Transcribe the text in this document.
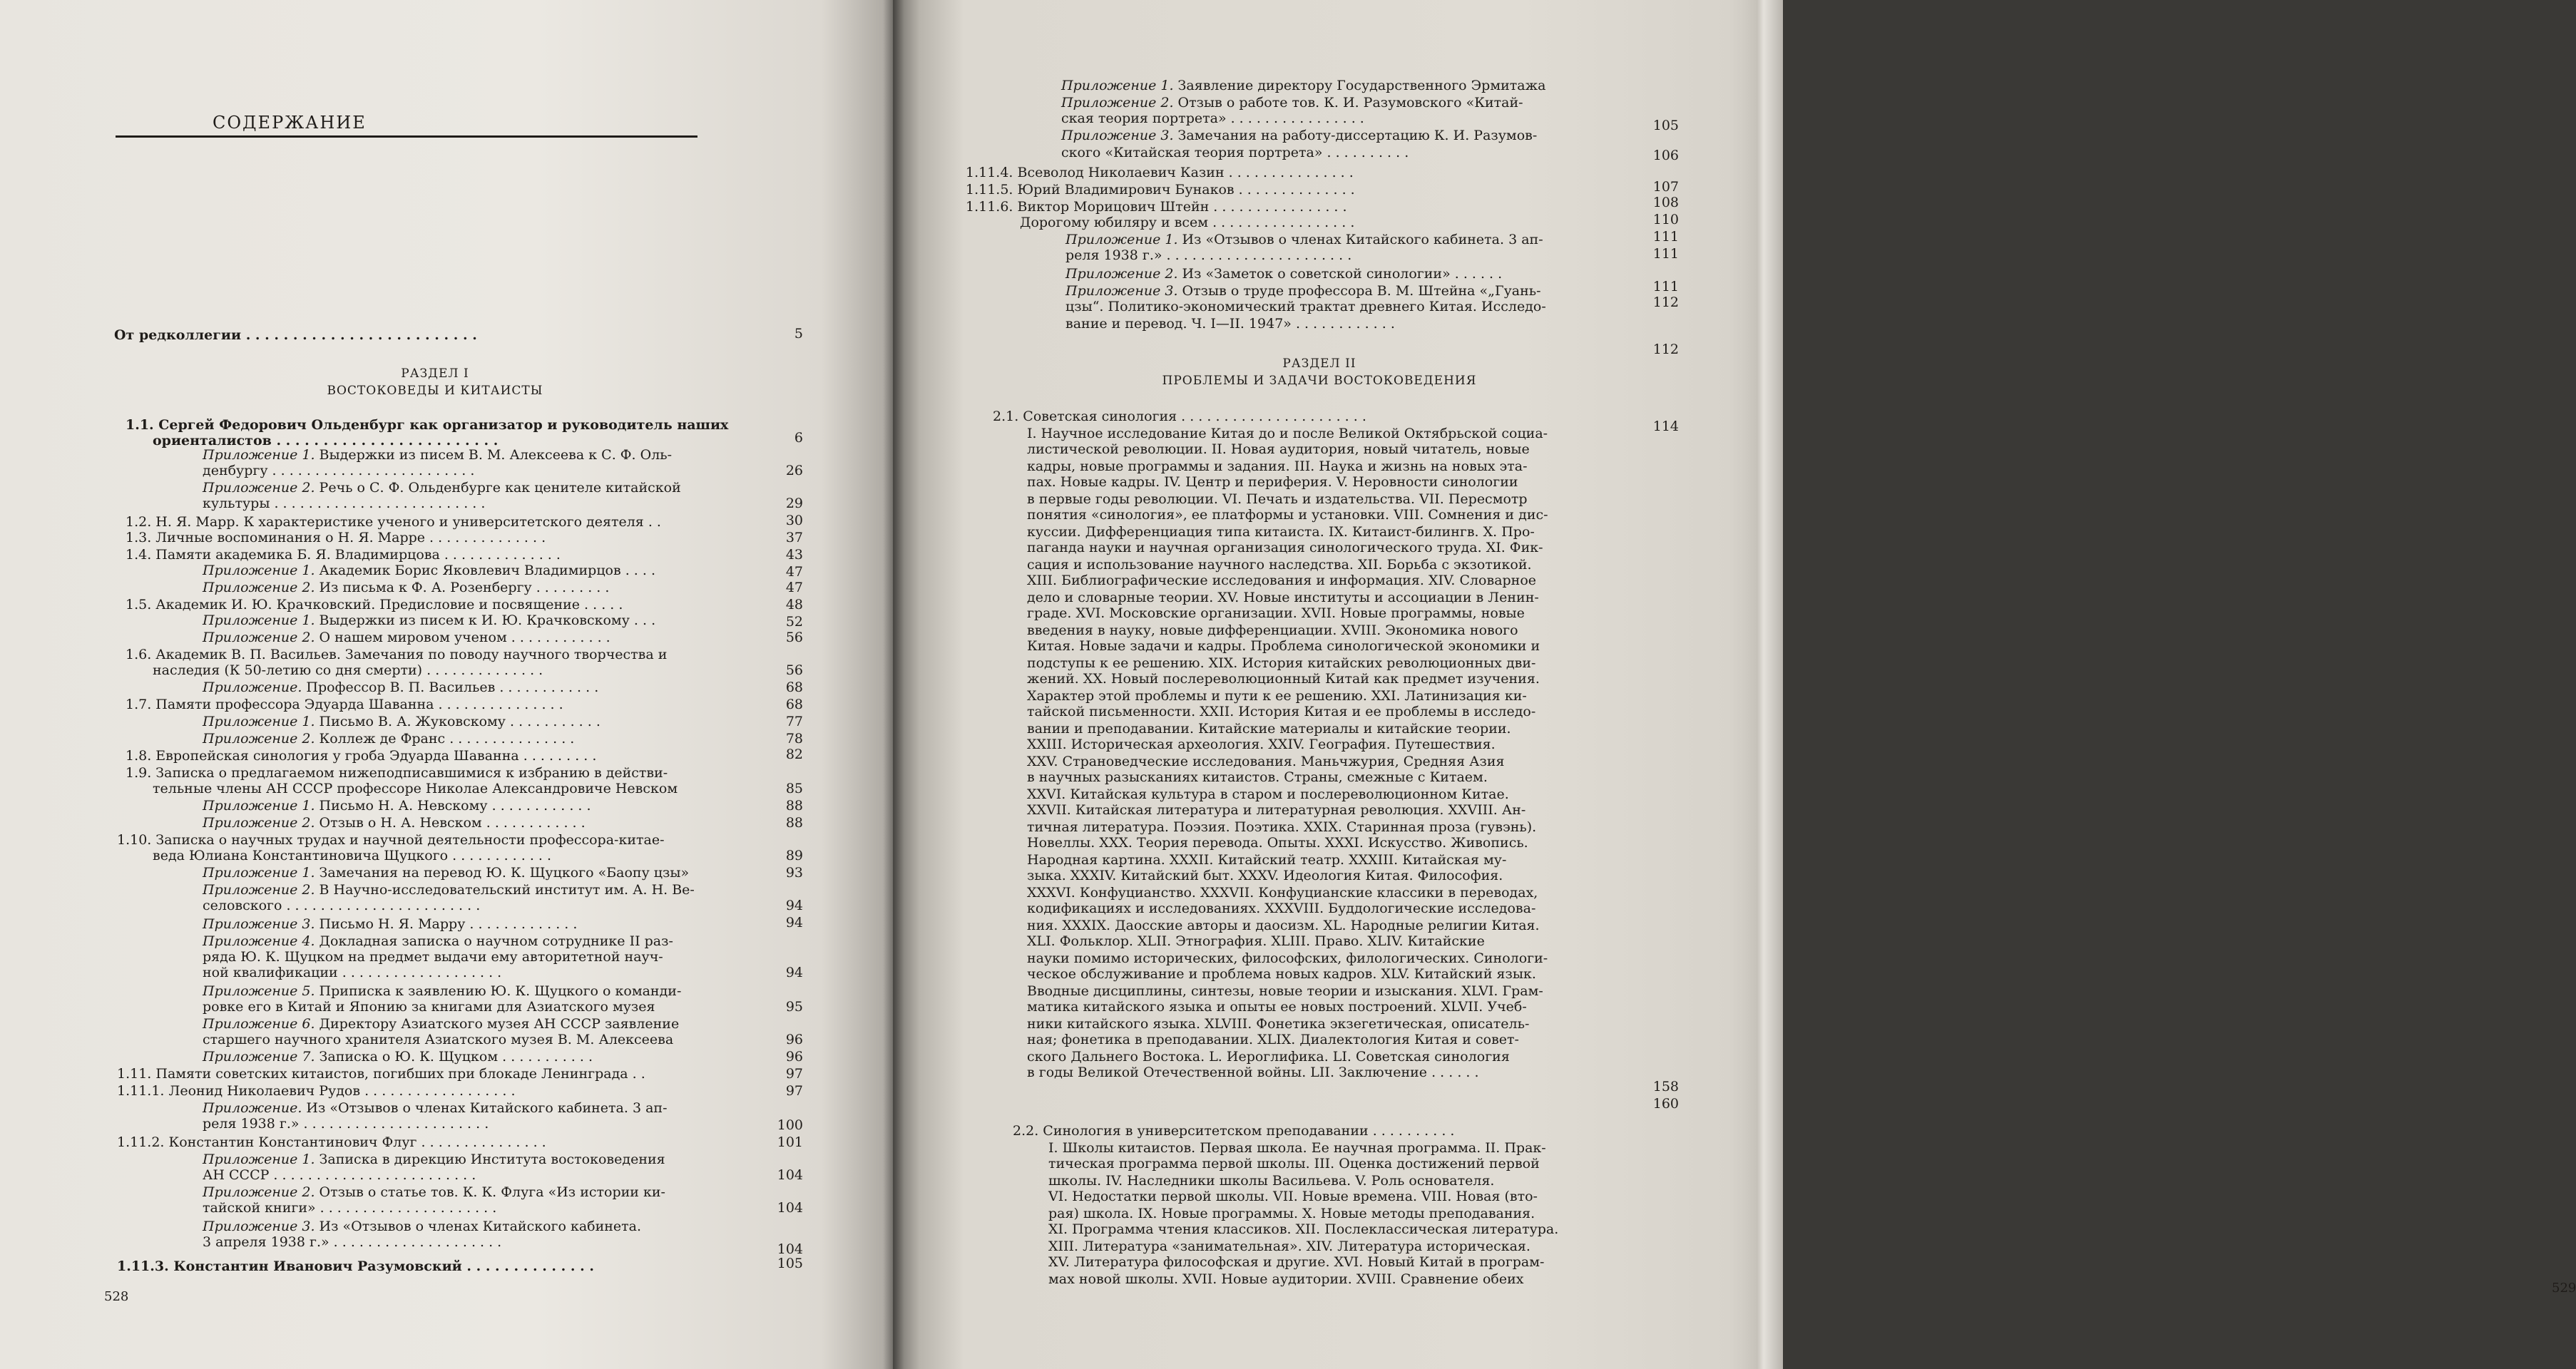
СОДЕРЖАНИЕ
РАЗДЕЛ I
ВОСТОКОВЕДЫ И КИТАИСТЫ
От редколлегии . . . . . . . . . . . . . . . . . . . . . . . . .
1.1. Сергей Федорович Ольденбург как организатор и руководитель наших
ориенталистов . . . . . . . . . . . . . . . . . . . . . . . .
Приложение 1. Выдержки из писем В. М. Алексеева к С. Ф. Оль-
денбургу . . . . . . . . . . . . . . . . . . . . . . . .
Приложение 2. Речь о С. Ф. Ольденбурге как ценителе китайской
культуры . . . . . . . . . . . . . . . . . . . . . . . . .
1.2. Н. Я. Марр. К характеристике ученого и университетского деятеля . .
1.3. Личные воспоминания о Н. Я. Марре . . . . . . . . . . . . . .
1.4. Памяти академика Б. Я. Владимирцова . . . . . . . . . . . . . .
Приложение 1. Академик Борис Яковлевич Владимирцов . . . .
Приложение 2. Из письма к Ф. А. Розенбергу . . . . . . . . .
1.5. Академик И. Ю. Крачковский. Предисловие и посвящение . . . . .
Приложение 1. Выдержки из писем к И. Ю. Крачковскому . . .
Приложение 2. О нашем мировом ученом . . . . . . . . . . . .
1.6. Академик В. П. Васильев. Замечания по поводу научного творчества и
наследия (К 50-летию со дня смерти) . . . . . . . . . . . . . .
Приложение. Профессор В. П. Васильев . . . . . . . . . . . .
1.7. Памяти профессора Эдуарда Шаванна . . . . . . . . . . . . . . .
Приложение 1. Письмо В. А. Жуковскому . . . . . . . . . . .
Приложение 2. Коллеж де Франс . . . . . . . . . . . . . . .
1.8. Европейская синология у гроба Эдуарда Шаванна . . . . . . . . .
1.9. Записка о предлагаемом нижеподписавшимися к избранию в действи-
тельные члены АН СССР профессоре Николае Александровиче Невском
Приложение 1. Письмо Н. А. Невскому . . . . . . . . . . . .
Приложение 2. Отзыв о Н. А. Невском . . . . . . . . . . . .
1.10. Записка о научных трудах и научной деятельности профессора-китае-
веда Юлиана Константиновича Щуцкого . . . . . . . . . . . .
Приложение 1. Замечания на перевод Ю. К. Щуцкого «Баопу цзы»
Приложение 2. В Научно-исследовательский институт им. А. Н. Ве-
селовского . . . . . . . . . . . . . . . . . . . . . . .
Приложение 3. Письмо Н. Я. Марру . . . . . . . . . . . . .
Приложение 4. Докладная записка о научном сотруднике II раз-
ряда Ю. К. Щуцком на предмет выдачи ему авторитетной науч-
ной квалификации . . . . . . . . . . . . . . . . . . .
Приложение 5. Приписка к заявлению Ю. К. Щуцкого о команди-
ровке его в Китай и Японию за книгами для Азиатского музея
Приложение 6. Директору Азиатского музея АН СССР заявление
старшего научного хранителя Азиатского музея В. М. Алексеева
Приложение 7. Записка о Ю. К. Щуцком . . . . . . . . . . .
1.11. Памяти советских китаистов, погибших при блокаде Ленинграда . .
1.11.1. Леонид Николаевич Рудов . . . . . . . . . . . . . . . . . .
Приложение. Из «Отзывов о членах Китайского кабинета. 3 ап-
реля 1938 г.» . . . . . . . . . . . . . . . . . . . . . .
1.11.2. Константин Константинович Флуг . . . . . . . . . . . . . . .
Приложение 1. Записка в дирекцию Института востоковедения
АН СССР . . . . . . . . . . . . . . . . . . . . . . . .
Приложение 2. Отзыв о статье тов. К. К. Флуга «Из истории ки-
тайской книги» . . . . . . . . . . . . . . . . . . . . .
Приложение 3. Из «Отзывов о членах Китайского кабинета.
3 апреля 1938 г.» . . . . . . . . . . . . . . . . . . . .
1.11.3. Константин Иванович Разумовский . . . . . . . . . . . . . .
5
6
26
29
30
37
43
47
47
48
52
56
56
68
68
77
78
82
85
88
88
89
93
94
94
94
95
96
96
97
97
100
101
104
104
104
105
528
РАЗДЕЛ II
ПРОБЛЕМЫ И ЗАДАЧИ ВОСТОКОВЕДЕНИЯ
Приложение 1. Заявление директору Государственного Эрмитажа
Приложение 2. Отзыв о работе тов. К. И. Разумовского «Китай-
ская теория портрета» . . . . . . . . . . . . . . . .
Приложение 3. Замечания на работу-диссертацию К. И. Разумов-
ского «Китайская теория портрета» . . . . . . . . . .
1.11.4. Всеволод Николаевич Казин . . . . . . . . . . . . . . .
1.11.5. Юрий Владимирович Бунаков . . . . . . . . . . . . . .
1.11.6. Виктор Морицович Штейн . . . . . . . . . . . . . . . .
Дорогому юбиляру и всем . . . . . . . . . . . . . . . . .
Приложение 1. Из «Отзывов о членах Китайского кабинета. 3 ап-
реля 1938 г.» . . . . . . . . . . . . . . . . . . . . . .
Приложение 2. Из «Заметок о советской синологии» . . . . . .
Приложение 3. Отзыв о труде профессора В. М. Штейна «„Гуань-
цзы“. Политико-экономический трактат древнего Китая. Исследо-
вание и перевод. Ч. I—II. 1947» . . . . . . . . . . . .
2.1. Советская синология . . . . . . . . . . . . . . . . . . . . . .
I. Научное исследование Китая до и после Великой Октябрьской социа-
листической революции. II. Новая аудитория, новый читатель, новые
кадры, новые программы и задания. III. Наука и жизнь на новых эта-
пах. Новые кадры. IV. Центр и периферия. V. Неровности синологии
в первые годы революции. VI. Печать и издательства. VII. Пересмотр
понятия «синология», ее платформы и установки. VIII. Сомнения и дис-
куссии. Дифференциация типа китаиста. IX. Китаист-билингв. X. Про-
паганда науки и научная организация синологического труда. XI. Фик-
сация и использование научного наследства. XII. Борьба с экзотикой.
XIII. Библиографические исследования и информация. XIV. Словарное
дело и словарные теории. XV. Новые институты и ассоциации в Ленин-
граде. XVI. Московские организации. XVII. Новые программы, новые
введения в науку, новые дифференциации. XVIII. Экономика нового
Китая. Новые задачи и кадры. Проблема синологической экономики и
подступы к ее решению. XIX. История китайских революционных дви-
жений. XX. Новый послереволюционный Китай как предмет изучения.
Характер этой проблемы и пути к ее решению. XXI. Латинизация ки-
тайской письменности. XXII. История Китая и ее проблемы в исследо-
вании и преподавании. Китайские материалы и китайские теории.
XXIII. Историческая археология. XXIV. География. Путешествия.
XXV. Страноведческие исследования. Маньчжурия, Средняя Азия
в научных разысканиях китаистов. Страны, смежные с Китаем.
XXVI. Китайская культура в старом и послереволюционном Китае.
XXVII. Китайская литература и литературная революция. XXVIII. Ан-
тичная литература. Поэзия. Поэтика. XXIX. Старинная проза (гувэнь).
Новеллы. XXX. Теория перевода. Опыты. XXXI. Искусство. Живопись.
Народная картина. XXXII. Китайский театр. XXXIII. Китайская му-
зыка. XXXIV. Китайский быт. XXXV. Идеология Китая. Философия.
XXXVI. Конфуцианство. XXXVII. Конфуцианские классики в переводах,
кодификациях и исследованиях. XXXVIII. Буддологические исследова-
ния. XXXIX. Даосские авторы и даосизм. XL. Народные религии Китая.
XLI. Фольклор. XLII. Этнография. XLIII. Право. XLIV. Китайские
науки помимо исторических, философских, филологических. Синологи-
ческое обслуживание и проблема новых кадров. XLV. Китайский язык.
Вводные дисциплины, синтезы, новые теории и изыскания. XLVI. Грам-
матика китайского языка и опыты ее новых построений. XLVII. Учеб-
ники китайского языка. XLVIII. Фонетика экзегетическая, описатель-
ная; фонетика в преподавании. XLIX. Диалектология Китая и совет-
ского Дальнего Востока. L. Иероглифика. LI. Советская синология
в годы Великой Отечественной войны. LII. Заключение . . . . . .
2.2. Синология в университетском преподавании . . . . . . . . . .
I. Школы китаистов. Первая школа. Ее научная программа. II. Прак-
тическая программа первой школы. III. Оценка достижений первой
школы. IV. Наследники школы Васильева. V. Роль основателя.
VI. Недостатки первой школы. VII. Новые времена. VIII. Новая (вто-
рая) школа. IX. Новые программы. X. Новые методы преподавания.
XI. Программа чтения классиков. XII. Послеклассическая литература.
XIII. Литература «занимательная». XIV. Литература историческая.
XV. Литература философская и другие. XVI. Новый Китай в програм-
мах новой школы. XVII. Новые аудитории. XVIII. Сравнение обеих
105
106
107
108
110
111
111
111
112
112
114
158
160
529
